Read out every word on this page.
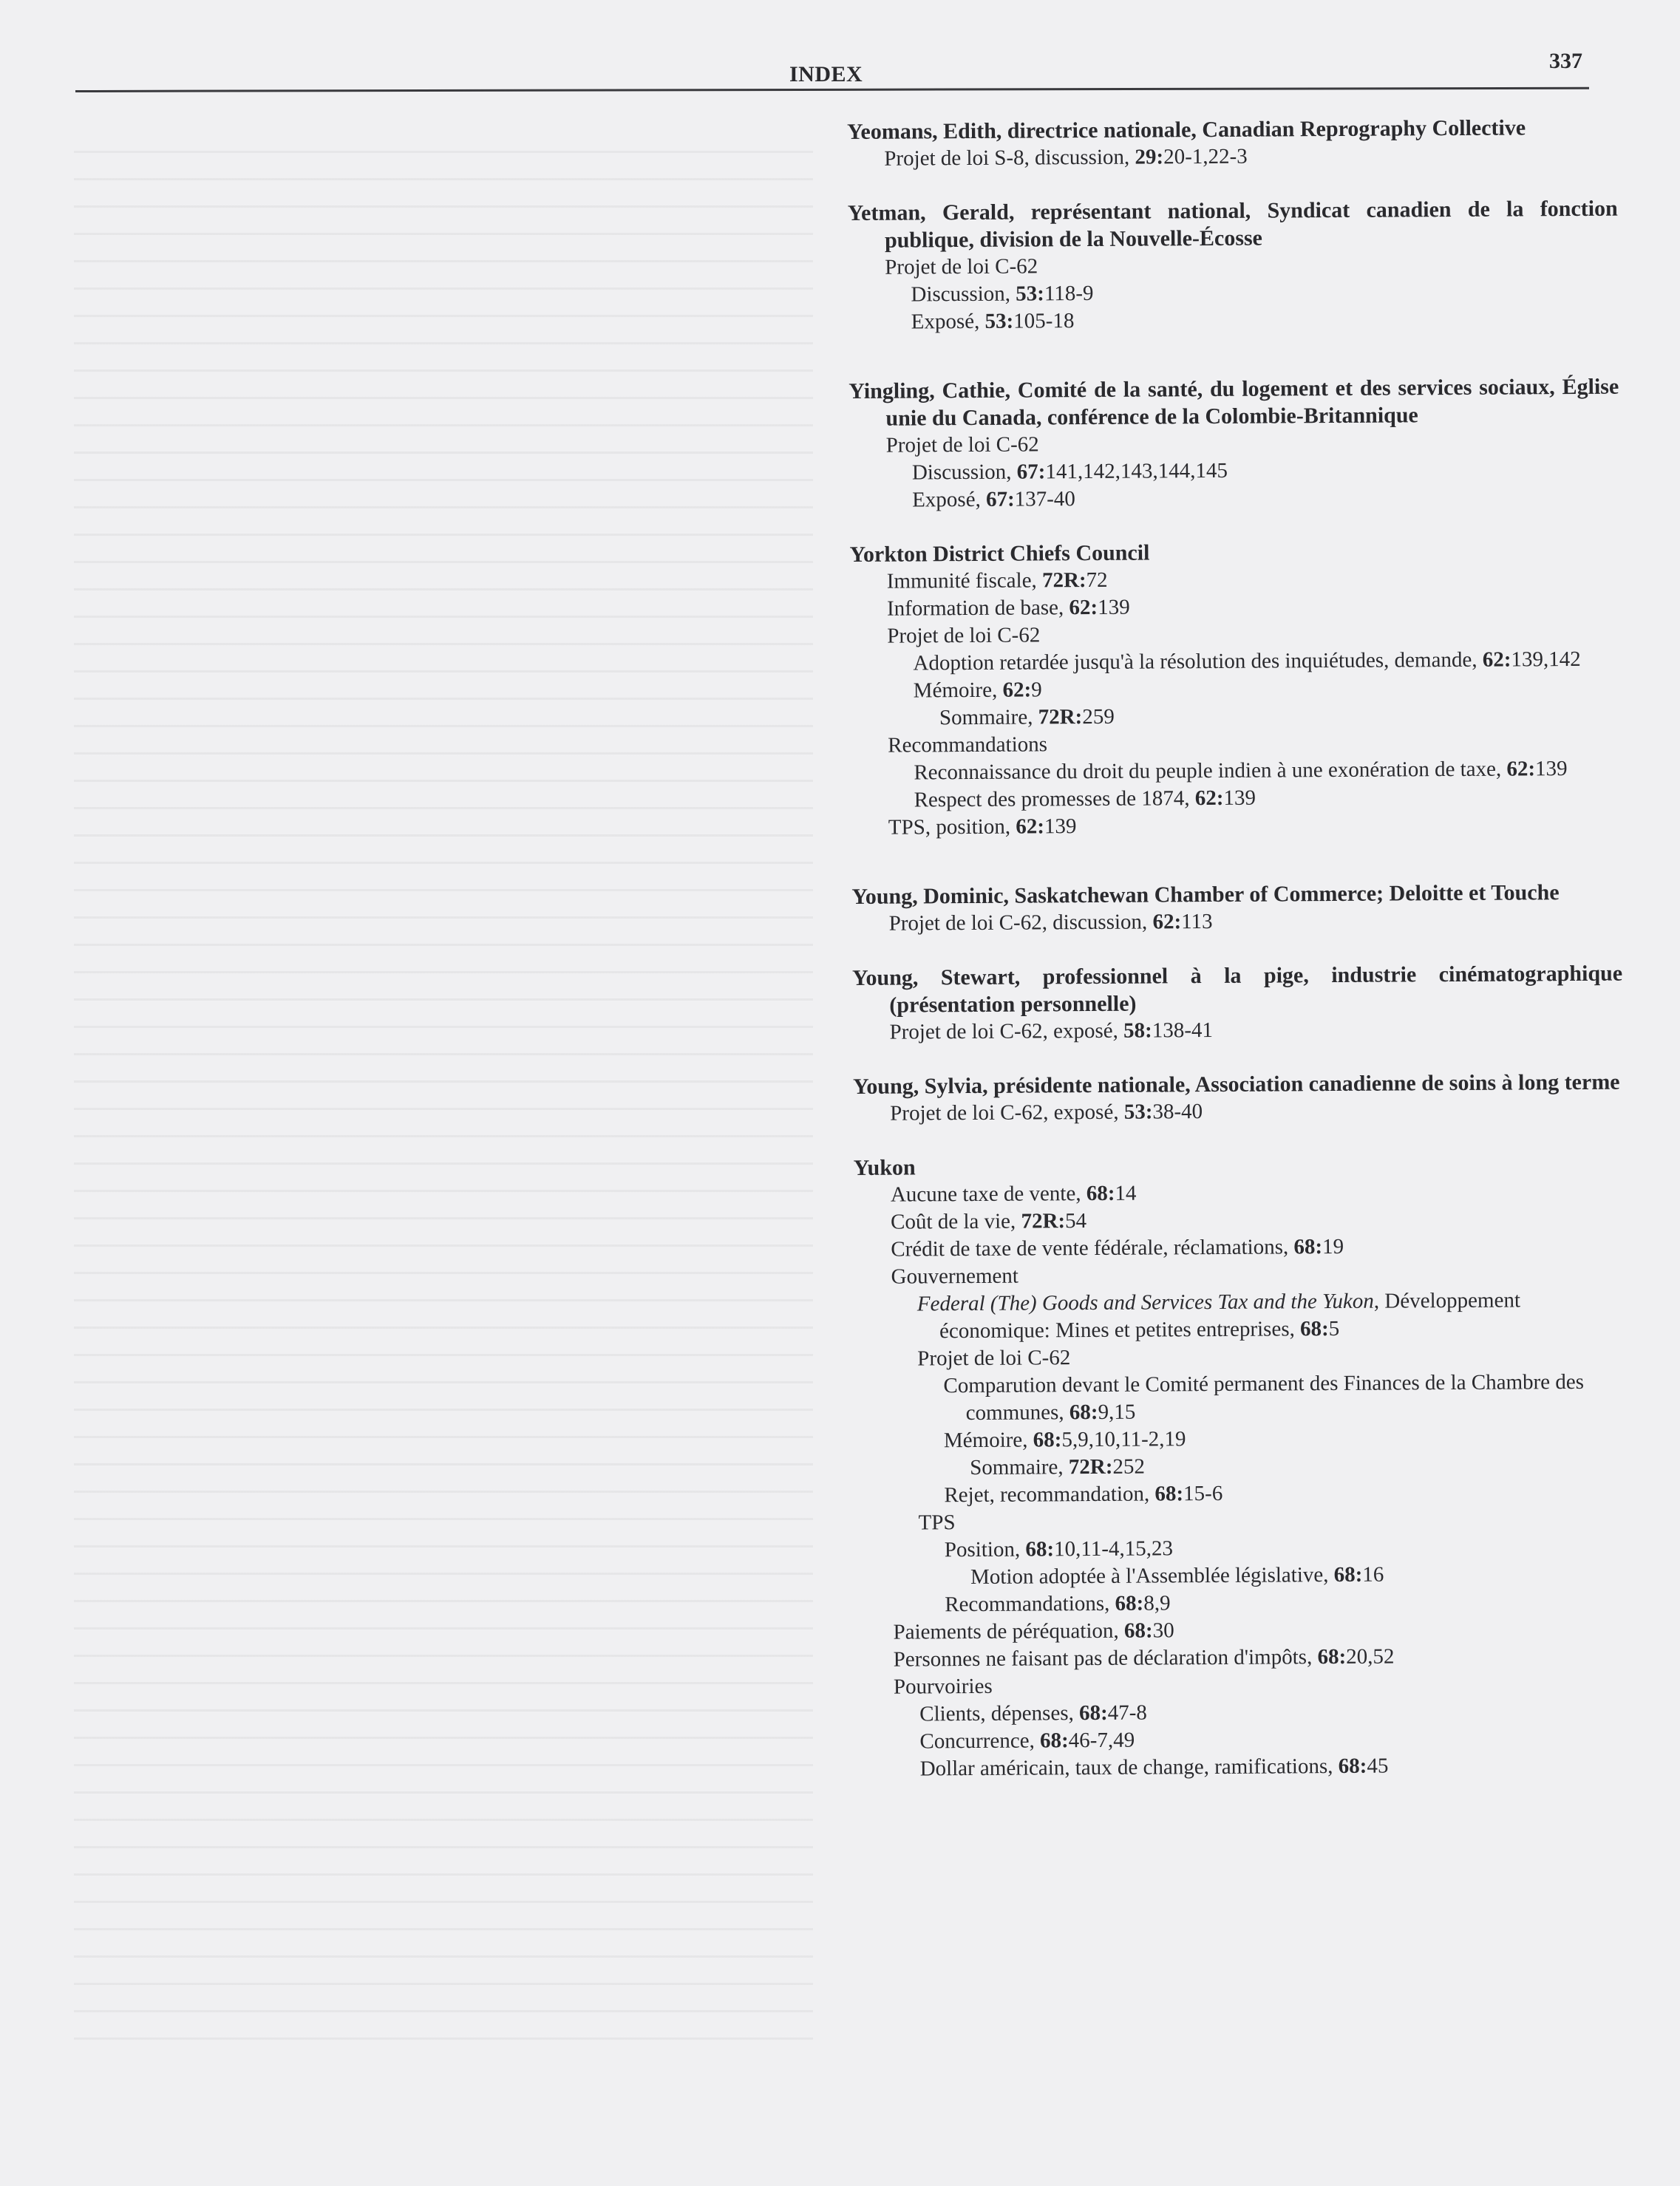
INDEX
337
Yeomans, Edith, directrice nationale, Canadian Reprography Collective
Projet de loi S-8, discussion, 29:20-1,22-3
Yetman, Gerald, représentant national, Syndicat canadien de la fonction publique, division de la Nouvelle-Écosse
Projet de loi C-62
Discussion, 53:118-9
Exposé, 53:105-18
Yingling, Cathie, Comité de la santé, du logement et des services sociaux, Église unie du Canada, conférence de la Colombie-Britannique
Projet de loi C-62
Discussion, 67:141,142,143,144,145
Exposé, 67:137-40
Yorkton District Chiefs Council
Immunité fiscale, 72R:72
Information de base, 62:139
Projet de loi C-62
Adoption retardée jusqu'à la résolution des inquiétudes, demande, 62:139,142
Mémoire, 62:9
Sommaire, 72R:259
Recommandations
Reconnaissance du droit du peuple indien à une exonération de taxe, 62:139
Respect des promesses de 1874, 62:139
TPS, position, 62:139
Young, Dominic, Saskatchewan Chamber of Commerce; Deloitte et Touche
Projet de loi C-62, discussion, 62:113
Young, Stewart, professionnel à la pige, industrie cinématographique (présentation personnelle)
Projet de loi C-62, exposé, 58:138-41
Young, Sylvia, présidente nationale, Association canadienne de soins à long terme
Projet de loi C-62, exposé, 53:38-40
Yukon
Aucune taxe de vente, 68:14
Coût de la vie, 72R:54
Crédit de taxe de vente fédérale, réclamations, 68:19
Gouvernement
Federal (The) Goods and Services Tax and the Yukon, Développement économique: Mines et petites entreprises, 68:5
Projet de loi C-62
Comparution devant le Comité permanent des Finances de la Chambre des communes, 68:9,15
Mémoire, 68:5,9,10,11-2,19
Sommaire, 72R:252
Rejet, recommandation, 68:15-6
TPS
Position, 68:10,11-4,15,23
Motion adoptée à l'Assemblée législative, 68:16
Recommandations, 68:8,9
Paiements de péréquation, 68:30
Personnes ne faisant pas de déclaration d'impôts, 68:20,52
Pourvoiries
Clients, dépenses, 68:47-8
Concurrence, 68:46-7,49
Dollar américain, taux de change, ramifications, 68:45
